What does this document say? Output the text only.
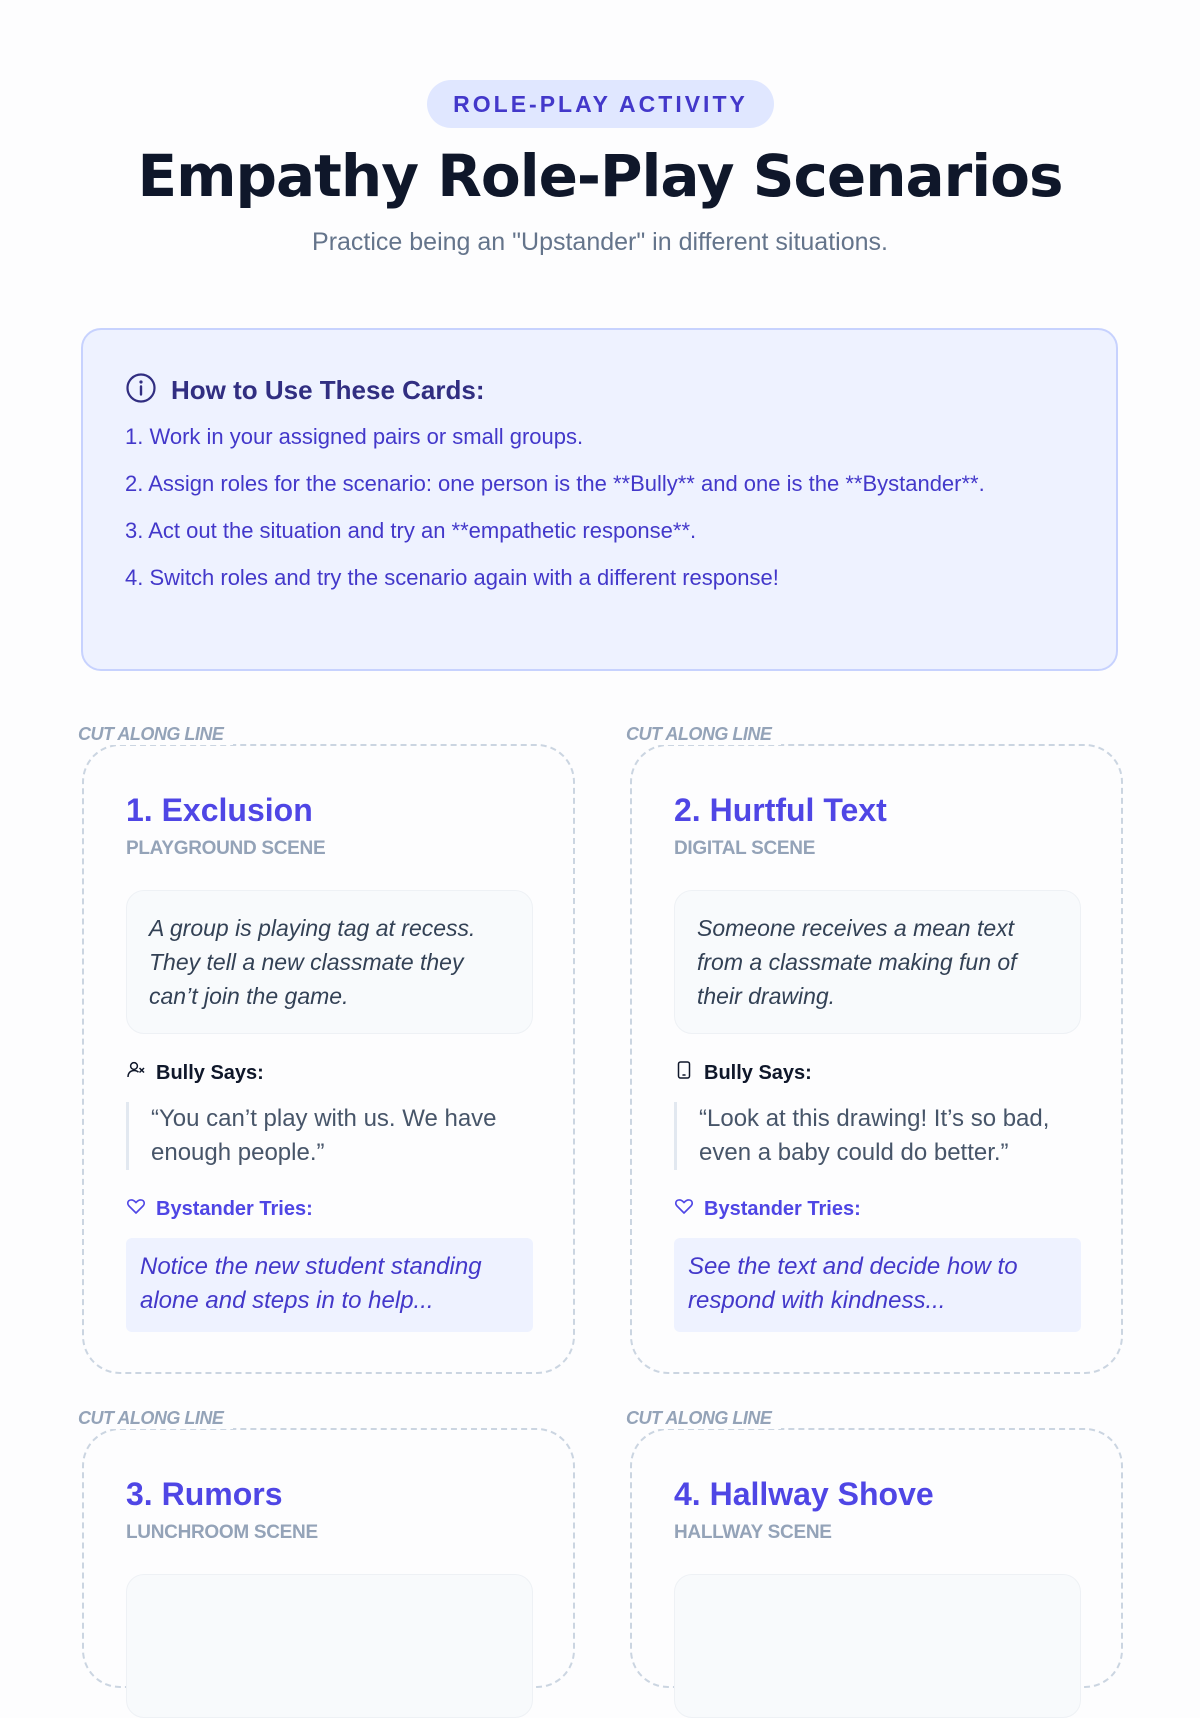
ROLE-PLAY ACTIVITY
Empathy Role-Play Scenarios
Practice being an "Upstander" in different situations.
How to Use These Cards:
1. Work in your assigned pairs or small groups.
2. Assign roles for the scenario: one person is the **Bully** and one is the **Bystander**.
3. Act out the situation and try an **empathetic response**.
4. Switch roles and try the scenario again with a different response!
CUT ALONG LINE
1. Exclusion
PLAYGROUND SCENE
A group is playing tag at recess. They tell a new classmate they can’t join the game.
Bully Says:
“You can’t play with us. We have enough people.”
Bystander Tries:
Notice the new student standing alone and steps in to help...
CUT ALONG LINE
2. Hurtful Text
DIGITAL SCENE
Someone receives a mean text from a classmate making fun of their drawing.
Bully Says:
“Look at this drawing! It’s so bad, even a baby could do better.”
Bystander Tries:
See the text and decide how to respond with kindness...
CUT ALONG LINE
3. Rumors
LUNCHROOM SCENE
CUT ALONG LINE
4. Hallway Shove
HALLWAY SCENE
